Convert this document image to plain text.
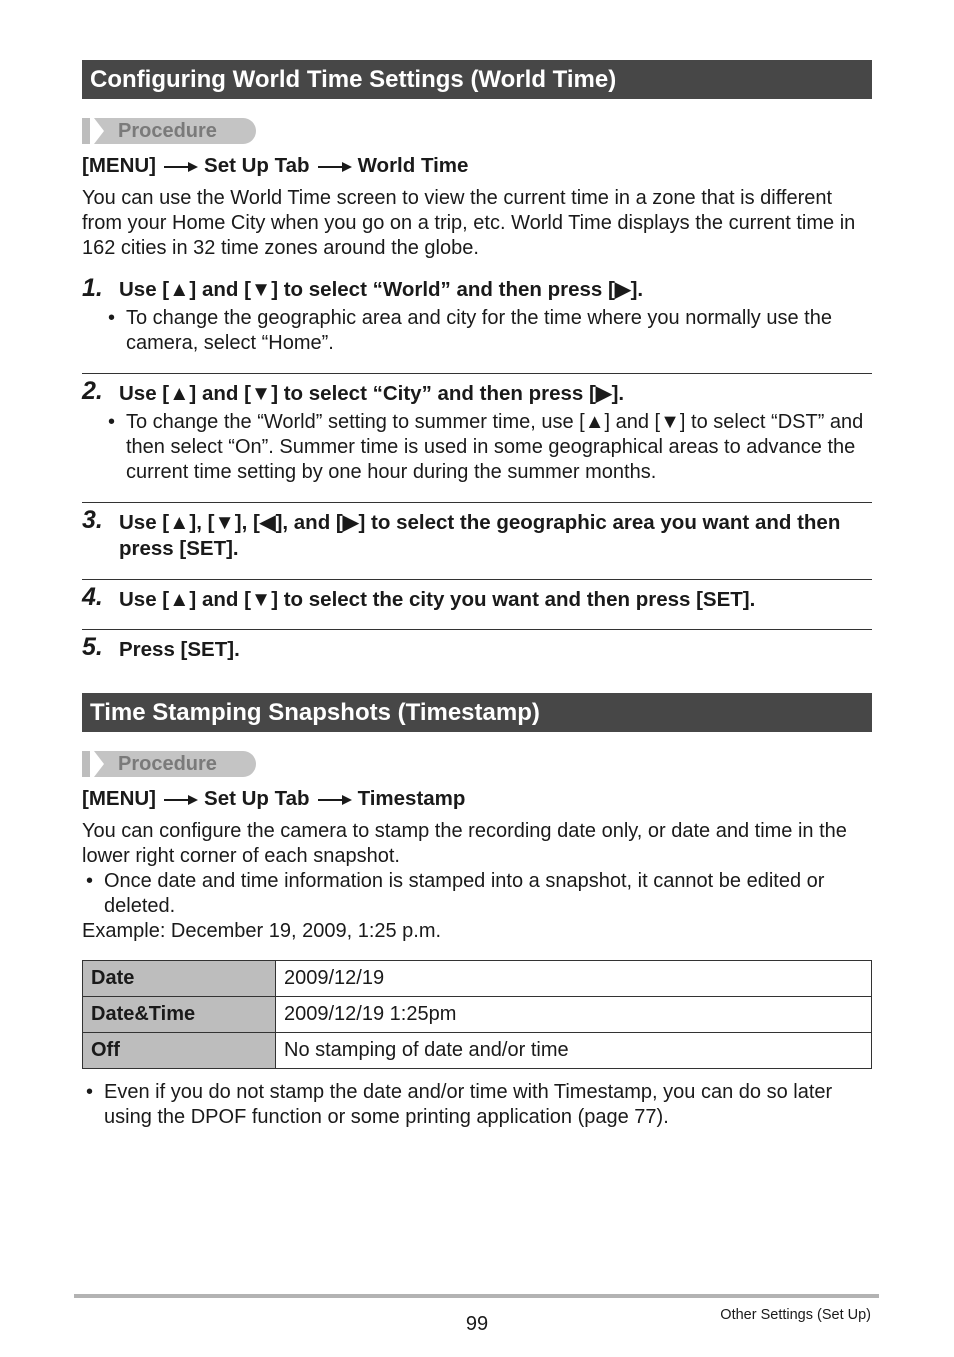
Configuring World Time Settings (World Time)
Procedure
[MENU] Set Up Tab World Time

You can use the World Time screen to view the current time in a zone that is different from your Home City when you go on a trip, etc. World Time displays the current time in 162 cities in 32 time zones around the globe.

1. Use [▲] and [▼] to select “World” and then press [▶].
• To change the geographic area and city for the time where you normally use the camera, select “Home”.
2. Use [▲] and [▼] to select “City” and then press [▶].
• To change the “World” setting to summer time, use [▲] and [▼] to select “DST” and then select “On”. Summer time is used in some geographical areas to advance the current time setting by one hour during the summer months.
3. Use [▲], [▼], [◀], and [▶] to select the geographic area you want and then press [SET].
4. Use [▲] and [▼] to select the city you want and then press [SET].
5. Press [SET].
Time Stamping Snapshots (Timestamp)
Procedure
[MENU] Set Up Tab Timestamp

You can configure the camera to stamp the recording date only, or date and time in the lower right corner of each snapshot.

• Once date and time information is stamped into a snapshot, it cannot be edited or deleted.
Example: December 19, 2009, 1:25 p.m.
Date	2009/12/19
Date&Time	2009/12/19 1:25pm
Off	No stamping of date and/or time
• Even if you do not stamp the date and/or time with Timestamp, you can do so later using the DPOF function or some printing application (page 77).
99	Other Settings (Set Up)
